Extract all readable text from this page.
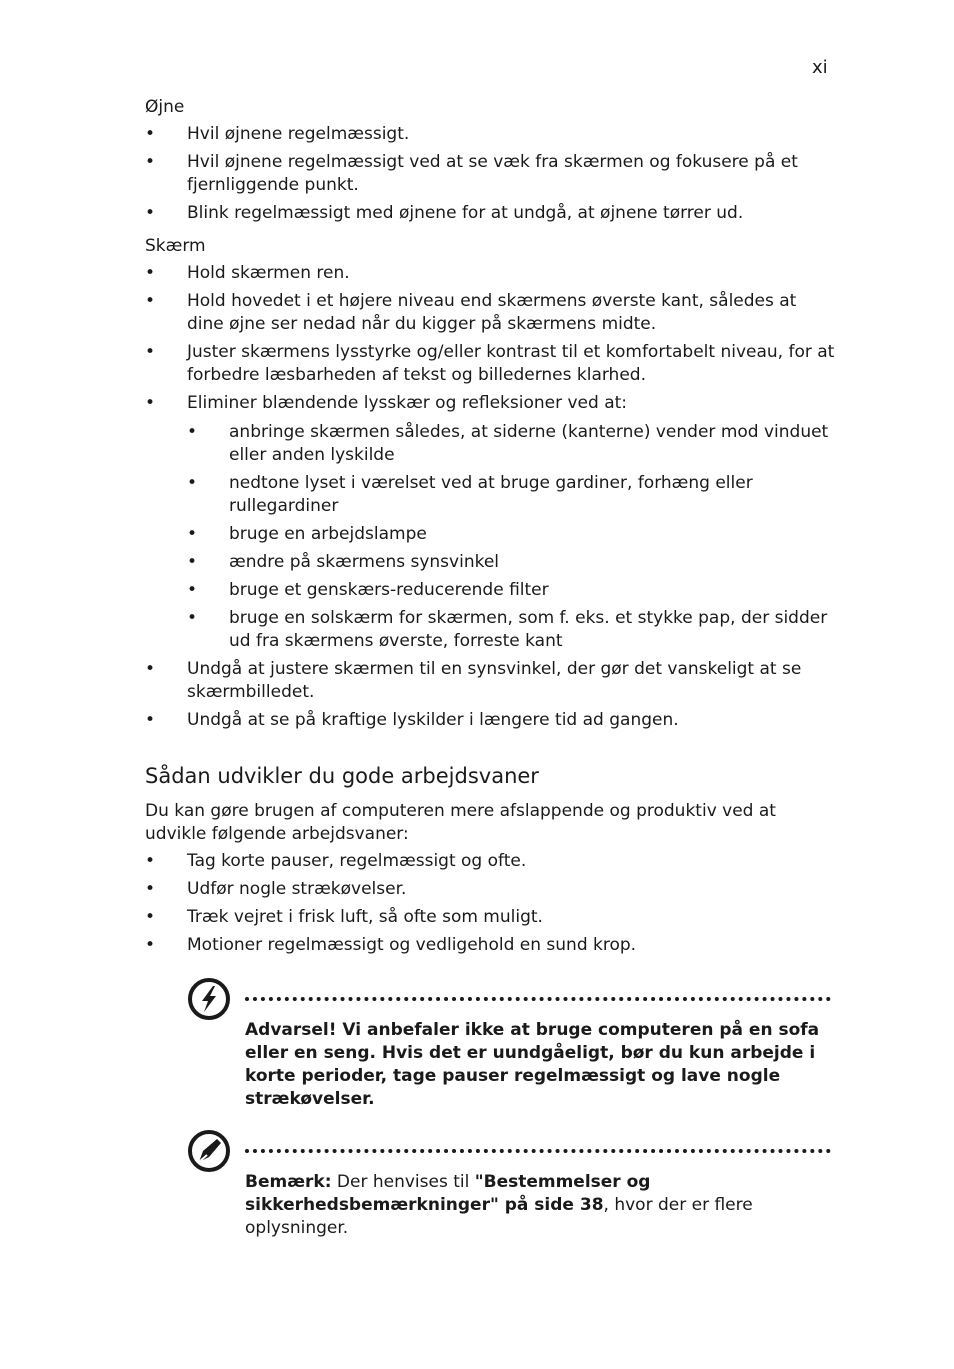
xi

Øjne

• Hvil øjnene regelmæssigt.
• Hvil øjnene regelmæssigt ved at se væk fra skærmen og fokusere på et fjernliggende punkt.
• Blink regelmæssigt med øjnene for at undgå, at øjnene tørrer ud.

Skærm

• Hold skærmen ren.
• Hold hovedet i et højere niveau end skærmens øverste kant, således at dine øjne ser nedad når du kigger på skærmens midte.
• Juster skærmens lysstyrke og/eller kontrast til et komfortabelt niveau, for at forbedre læsbarheden af tekst og billedernes klarhed.
• Eliminer blændende lysskær og refleksioner ved at:
• anbringe skærmen således, at siderne (kanterne) vender mod vinduet eller anden lyskilde
• nedtone lyset i værelset ved at bruge gardiner, forhæng eller rullegardiner
• bruge en arbejdslampe
• ændre på skærmens synsvinkel
• bruge et genskærs-reducerende filter
• bruge en solskærm for skærmen, som f. eks. et stykke pap, der sidder ud fra skærmens øverste, forreste kant
• Undgå at justere skærmen til en synsvinkel, der gør det vanskeligt at se skærmbilledet.
• Undgå at se på kraftige lyskilder i længere tid ad gangen.
Sådan udvikler du gode arbejdsvaner

Du kan gøre brugen af computeren mere afslappende og produktiv ved at udvikle følgende arbejdsvaner:

• Tag korte pauser, regelmæssigt og ofte.
• Udfør nogle strækøvelser.
• Træk vejret i frisk luft, så ofte som muligt.
• Motioner regelmæssigt og vedligehold en sund krop.

Advarsel! Vi anbefaler ikke at bruge computeren på en sofa eller en seng. Hvis det er uundgåeligt, bør du kun arbejde i korte perioder, tage pauser regelmæssigt og lave nogle strækøvelser.

Bemærk: Der henvises til "Bestemmelser og sikkerhedsbemærkninger" på side 38, hvor der er flere oplysninger.
